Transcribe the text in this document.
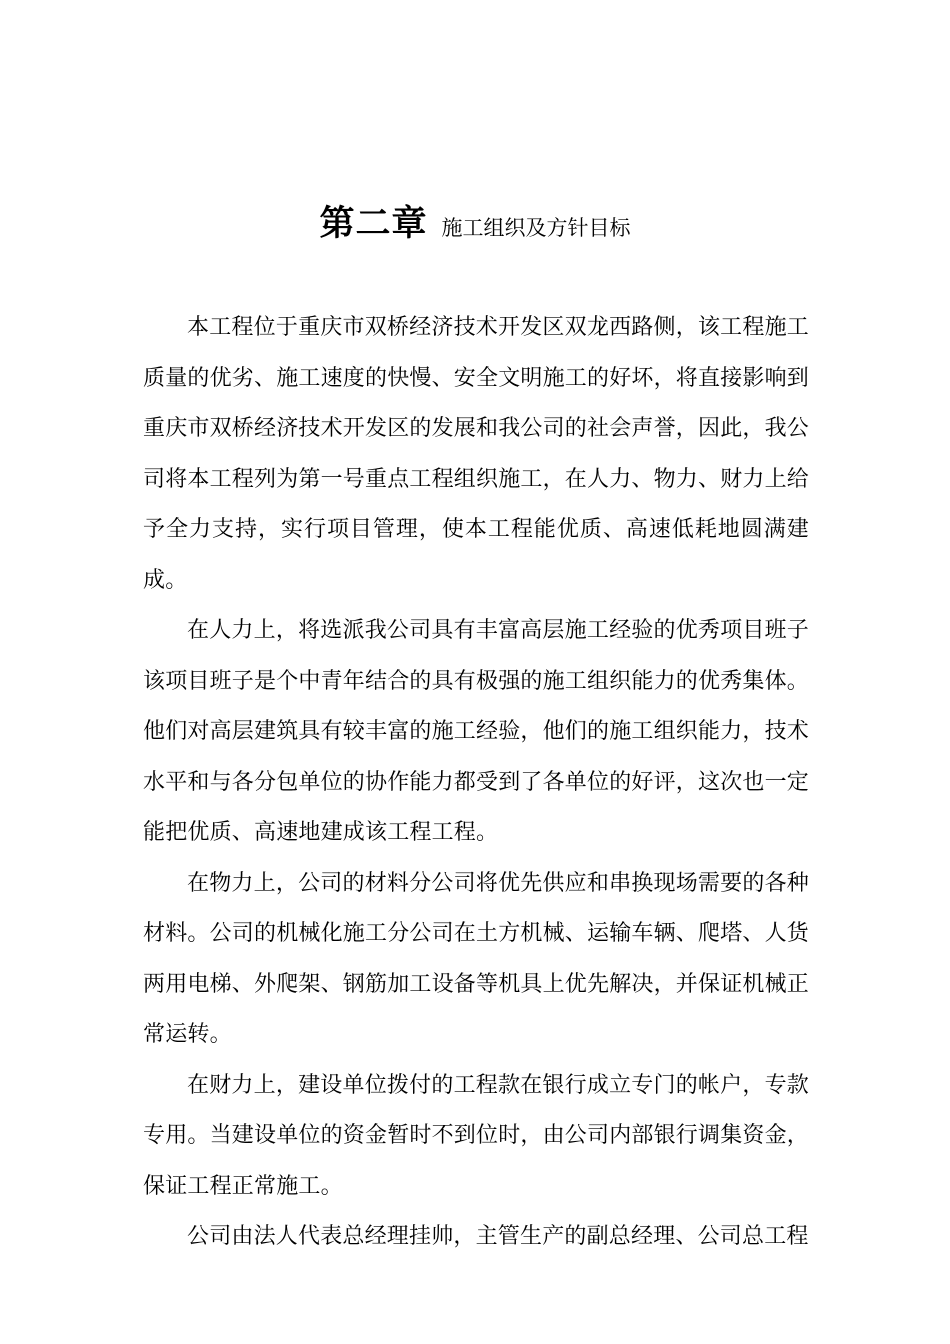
第二章 施工组织及方针目标

本工程位于重庆市双桥经济技术开发区双龙西路侧，该工程施工质量的优劣、施工速度的快慢、安全文明施工的好坏，将直接影响到重庆市双桥经济技术开发区的发展和我公司的社会声誉，因此，我公司将本工程列为第一号重点工程组织施工，在人力、物力、财力上给予全力支持，实行项目管理，使本工程能优质、高速低耗地圆满建成。

在人力上，将选派我公司具有丰富高层施工经验的优秀项目班子该项目班子是个中青年结合的具有极强的施工组织能力的优秀集体。他们对高层建筑具有较丰富的施工经验，他们的施工组织能力，技术水平和与各分包单位的协作能力都受到了各单位的好评，这次也一定能把优质、高速地建成该工程工程。

在物力上，公司的材料分公司将优先供应和串换现场需要的各种材料。公司的机械化施工分公司在土方机械、运输车辆、爬塔、人货两用电梯、外爬架、钢筋加工设备等机具上优先解决，并保证机械正常运转。

在财力上，建设单位拨付的工程款在银行成立专门的帐户，专款专用。当建设单位的资金暂时不到位时，由公司内部银行调集资金，保证工程正常施工。

公司由法人代表总经理挂帅，主管生产的副总经理、公司总工程
